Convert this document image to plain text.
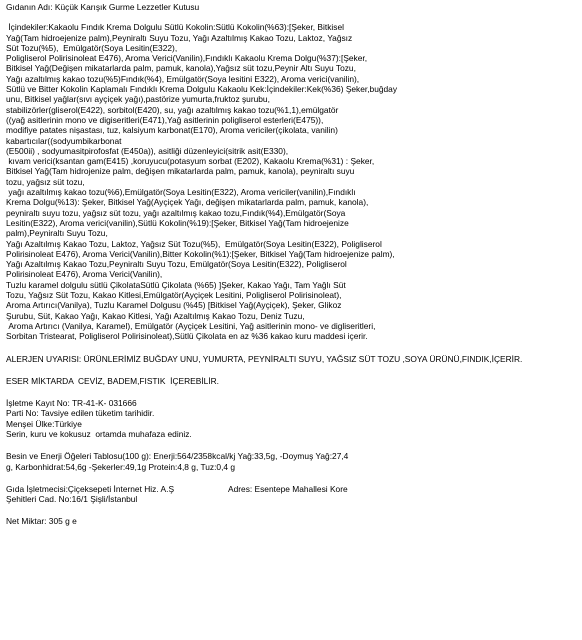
Gıdanın Adı: Küçük Karışık Gurme Lezzetler Kutusu

İçindekiler:Kakaolu Fındık Krema Dolgulu Sütlü Kokolin:Sütlü Kokolin(%63):[Şeker, Bitkisel

Yağ(Tam hidroejenize palm),Peyniraltı Suyu Tozu, Yağı Azaltılmış Kakao Tozu, Laktoz, Yağsız

Süt Tozu(%5),  Emülgatör(Soya Lesitin(E322),

Poligliserol Polirisinoleat E476), Aroma Verici(Vanilin),Fındıklı Kakaolu Krema Dolgu(%37):[Şeker,

Bitkisel Yağ(Değişen mikatarlarda palm, pamuk, kanola),Yağsız süt tozu,Peynir Altı Suyu Tozu,

Yağı azaltılmış kakao tozu(%5)Fındık(%4), Emülgatör(Soya lesitini E322), Aroma verici(vanilin),

Sütlü ve Bitter Kokolin Kaplamalı Fındıklı Krema Dolgulu Kakaolu Kek:İçindekiler:Kek(%36) Şeker,buğday

unu, Bitkisel yağlar(sıvı ayçiçek yağı),pastörize yumurta,fruktoz şurubu,

stabilizörler(gliserol(E422), sorbitol(E420), su, yağı azaltılmış kakao tozu(%1,1),emülgatör

((yağ asitlerinin mono ve digiseritleri(E471),Yağ asitlerinin poligliserol esterleri(E475)),

modifiye patates nişastası, tuz, kalsiyum karbonat(E170), Aroma vericiler(çikolata, vanilin)

kabartıcılar((sodyumbikarbonat

(E500ii) , sodyumasitpirofosfat (E450a)), asitliği düzenleyici(sitrik asit(E330),

kıvam verici(ksantan gam(E415) ,koruyucu(potasyum sorbat (E202), Kakaolu Krema(%31) : Şeker,

Bitkisel Yağ(Tam hidrojenize palm, değişen mikatarlarda palm, pamuk, kanola), peyniraltı suyu

tozu, yağsız süt tozu,

yağı azaltılmış kakao tozu(%6),Emülgatör(Soya Lesitin(E322), Aroma vericiler(vanilin),Fındıklı

Krema Dolgu(%13): Şeker, Bitkisel Yağ(Ayçiçek Yağı, değişen mikatarlarda palm, pamuk, kanola),

peyniraltı suyu tozu, yağsız süt tozu, yağı azaltılmış kakao tozu,Fındık(%4),Emülgatör(Soya

Lesitin(E322), Aroma verici(vanilin),Sütlü Kokolin(%19):[Şeker, Bitkisel Yağ(Tam hidroejenize

palm),Peyniraltı Suyu Tozu,

Yağı Azaltılmış Kakao Tozu, Laktoz, Yağsız Süt Tozu(%5),  Emülgatör(Soya Lesitin(E322), Poligliserol

Polirisinoleat E476), Aroma Verici(Vanilin),Bitter Kokolin(%1):[Şeker, Bitkisel Yağ(Tam hidroejenize palm),

Yağı Azaltılmış Kakao Tozu,Peyniraltı Suyu Tozu, Emülgatör(Soya Lesitin(E322), Poligliserol

Polirisinoleat E476), Aroma Verici(Vanilin),

Tuzlu karamel dolgulu sütlü ÇikolataSütlü Çikolata (%65) ]Şeker, Kakao Yağı, Tam Yağlı Süt

Tozu, Yağsız Süt Tozu, Kakao Kitlesi,Emülgatör(Ayçiçek Lesitini, Poligliserol Polirisinoleat),

Aroma Artırıcı(Vanilya), Tuzlu Karamel Dolgusu (%45) [Bitkisel Yağ(Ayçiçek), Şeker, Glikoz

Şurubu, Süt, Kakao Yağı, Kakao Kitlesi, Yağı Azaltılmış Kakao Tozu, Deniz Tuzu,

Aroma Artırıcı (Vanilya, Karamel), Emülgatör (Ayçiçek Lesitini, Yağ asitlerinin mono- ve digliseritleri,

Sorbitan Tristearat, Poligliserol Polirisinoleat),Sütlü Çikolata en az %36 kakao kuru maddesi içerir.

ALERJEN UYARISI: ÜRÜNLERİMİZ BUĞDAY UNU, YUMURTA, PEYNİRALTI SUYU, YAĞSIZ SÜT TOZU ,SOYA ÜRÜNÜ,FINDIK,İÇERİR.

ESER MİKTARDA  CEVİZ, BADEM,FISTIK  İÇEREBİLİR.

İşletme Kayıt No: TR-41-K- 031666

Parti No: Tavsiye edilen tüketim tarihidir.

Menşei Ülke:Türkiye

Serin, kuru ve kokusuz  ortamda muhafaza ediniz.

Besin ve Enerji Öğeleri Tablosu(100 g): Enerji:564/2358kcal/kj Yağ:33,5g, -Doymuş Yağ:27,4

g, Karbonhidrat:54,6g -Şekerler:49,1g Protein:4,8 g, Tuz:0,4 g

Gıda İşletmecisi:Çiçeksepeti İnternet Hiz. A.Ş	Adres: Esentepe Mahallesi Kore

Şehitleri Cad. No:16/1 Şişli/İstanbul

Net Miktar: 305 g e
